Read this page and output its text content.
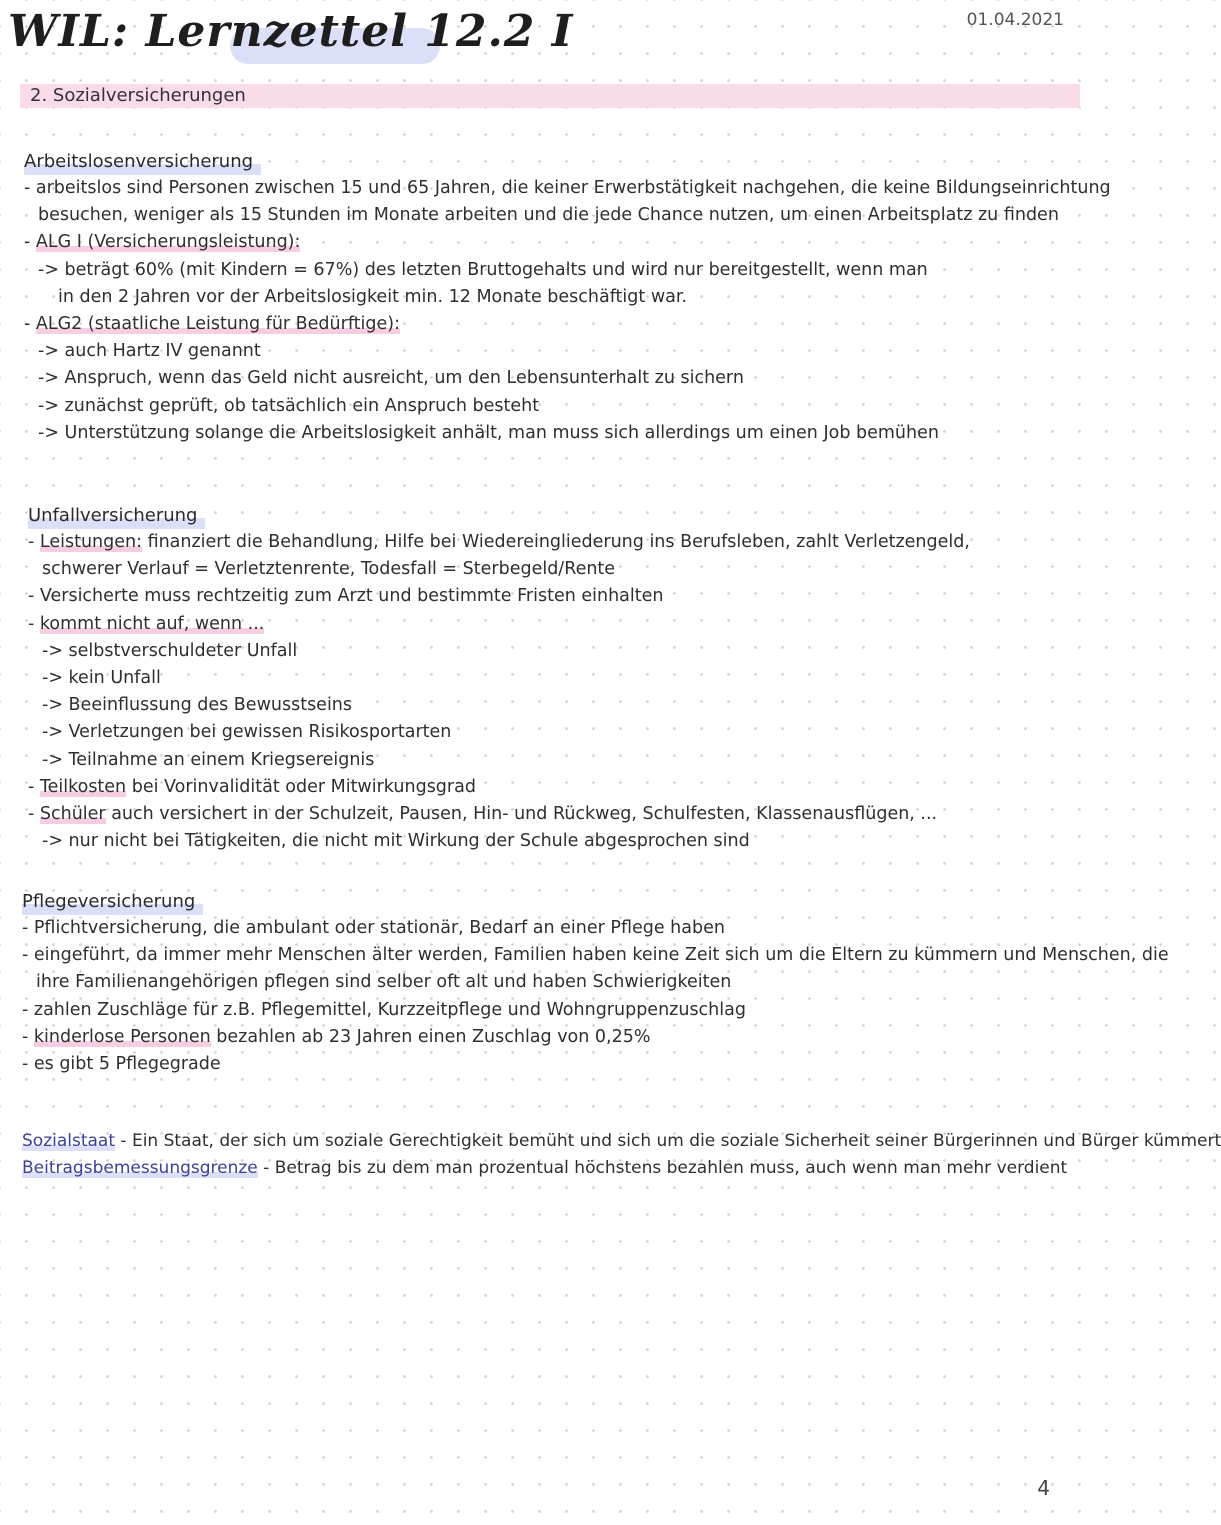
WIL: Lernzettel 12.2 I	01.04.2021
2. Sozialversicherungen
Arbeitslosenversicherung
- arbeitslos sind Personen zwischen 15 und 65 Jahren, die keiner Erwerbstätigkeit nachgehen, die keine Bildungseinrichtung
besuchen, weniger als 15 Stunden im Monate arbeiten und die jede Chance nutzen, um einen Arbeitsplatz zu finden
- ALG I (Versicherungsleistung):
-> beträgt 60% (mit Kindern = 67%) des letzten Bruttogehalts und wird nur bereitgestellt, wenn man
in den 2 Jahren vor der Arbeitslosigkeit min. 12 Monate beschäftigt war.
- ALG2 (staatliche Leistung für Bedürftige):
-> auch Hartz IV genannt
-> Anspruch, wenn das Geld nicht ausreicht, um den Lebensunterhalt zu sichern
-> zunächst geprüft, ob tatsächlich ein Anspruch besteht
-> Unterstützung solange die Arbeitslosigkeit anhält, man muss sich allerdings um einen Job bemühen
Unfallversicherung
- Leistungen: finanziert die Behandlung, Hilfe bei Wiedereingliederung ins Berufsleben, zahlt Verletzengeld,
schwerer Verlauf = Verletztenrente, Todesfall = Sterbegeld/Rente
- Versicherte muss rechtzeitig zum Arzt und bestimmte Fristen einhalten
- kommt nicht auf, wenn ...
-> selbstverschuldeter Unfall
-> kein Unfall
-> Beeinflussung des Bewusstseins
-> Verletzungen bei gewissen Risikosportarten
-> Teilnahme an einem Kriegsereignis
- Teilkosten bei Vorinvalidität oder Mitwirkungsgrad
- Schüler auch versichert in der Schulzeit, Pausen, Hin- und Rückweg, Schulfesten, Klassenausflügen, ...
-> nur nicht bei Tätigkeiten, die nicht mit Wirkung der Schule abgesprochen sind
Pflegeversicherung
- Pflichtversicherung, die ambulant oder stationär, Bedarf an einer Pflege haben
- eingeführt, da immer mehr Menschen älter werden, Familien haben keine Zeit sich um die Eltern zu kümmern und Menschen, die
ihre Familienangehörigen pflegen sind selber oft alt und haben Schwierigkeiten
- zahlen Zuschläge für z.B. Pflegemittel, Kurzzeitpflege und Wohngruppenzuschlag
- kinderlose Personen bezahlen ab 23 Jahren einen Zuschlag von 0,25%
- es gibt 5 Pflegegrade
Sozialstaat - Ein Staat, der sich um soziale Gerechtigkeit bemüht und sich um die soziale Sicherheit seiner Bürgerinnen und Bürger kümmert
Beitragsbemessungsgrenze - Betrag bis zu dem man prozentual höchstens bezahlen muss, auch wenn man mehr verdient
4
